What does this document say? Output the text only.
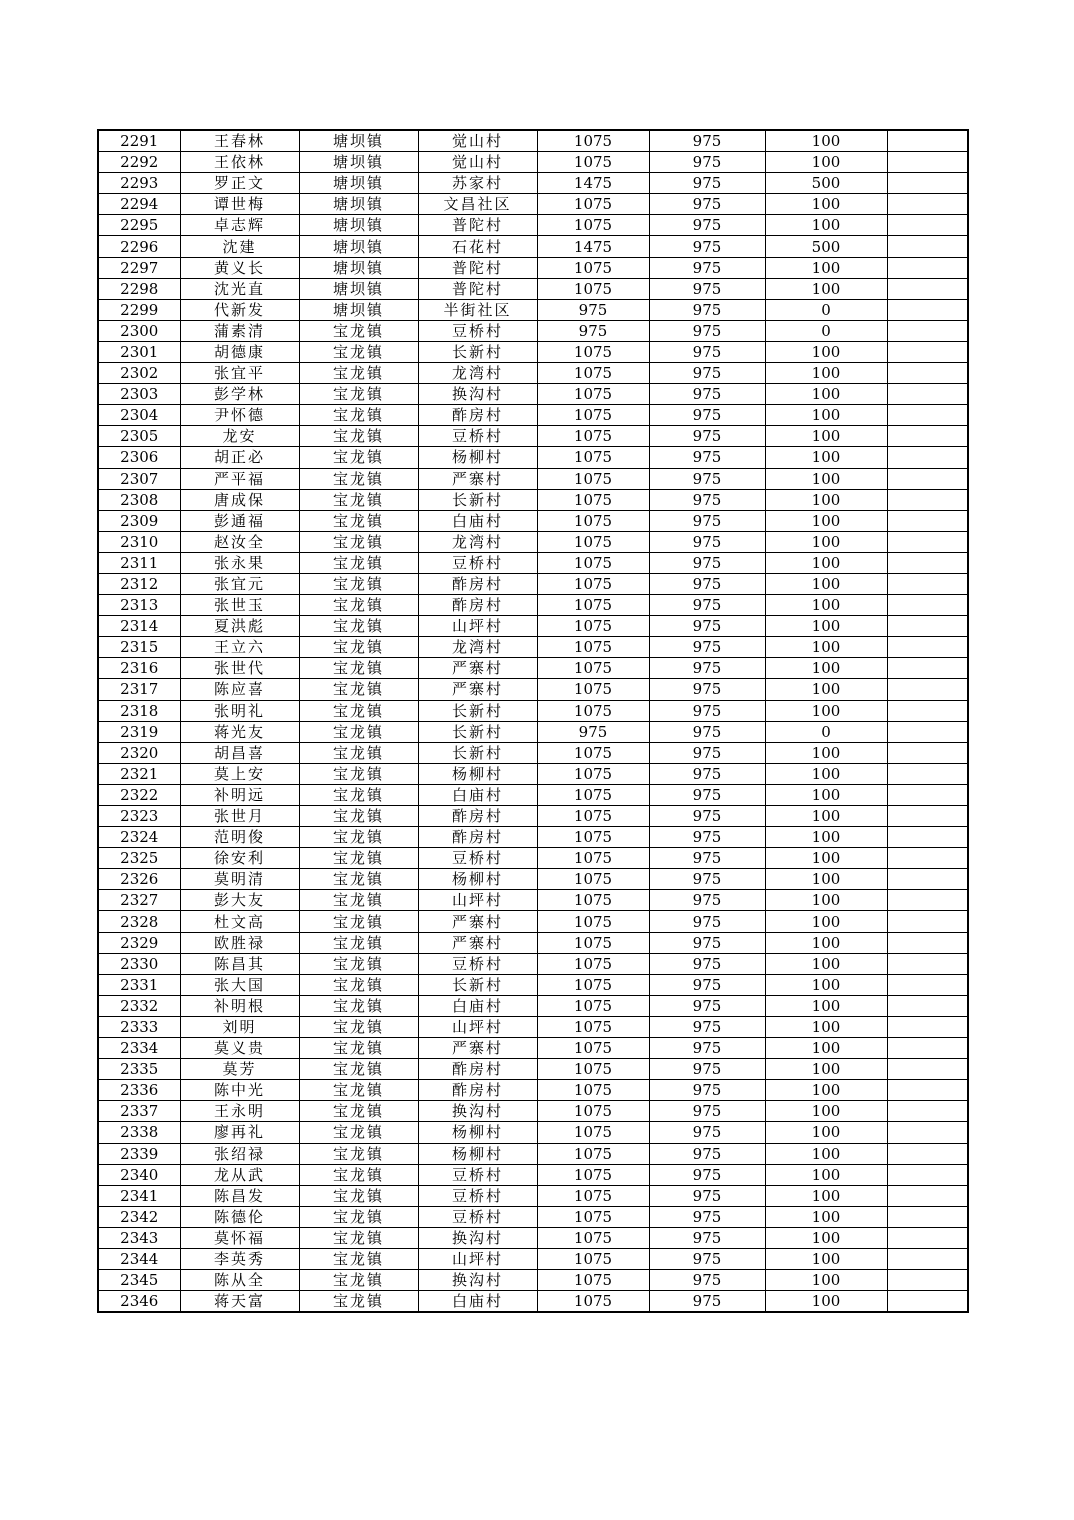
2291	王春林	塘坝镇	觉山村	1075	975	100	
2292	王依林	塘坝镇	觉山村	1075	975	100	
2293	罗正文	塘坝镇	苏家村	1475	975	500	
2294	谭世梅	塘坝镇	文昌社区	1075	975	100	
2295	卓志辉	塘坝镇	普陀村	1075	975	100	
2296	沈建	塘坝镇	石花村	1475	975	500	
2297	黄义长	塘坝镇	普陀村	1075	975	100	
2298	沈光直	塘坝镇	普陀村	1075	975	100	
2299	代新发	塘坝镇	半街社区	975	975	0	
2300	蒲素清	宝龙镇	豆桥村	975	975	0	
2301	胡德康	宝龙镇	长新村	1075	975	100	
2302	张宜平	宝龙镇	龙湾村	1075	975	100	
2303	彭学林	宝龙镇	换沟村	1075	975	100	
2304	尹怀德	宝龙镇	酢房村	1075	975	100	
2305	龙安	宝龙镇	豆桥村	1075	975	100	
2306	胡正必	宝龙镇	杨柳村	1075	975	100	
2307	严平福	宝龙镇	严寨村	1075	975	100	
2308	唐成保	宝龙镇	长新村	1075	975	100	
2309	彭通福	宝龙镇	白庙村	1075	975	100	
2310	赵汝全	宝龙镇	龙湾村	1075	975	100	
2311	张永果	宝龙镇	豆桥村	1075	975	100	
2312	张宜元	宝龙镇	酢房村	1075	975	100	
2313	张世玉	宝龙镇	酢房村	1075	975	100	
2314	夏洪彪	宝龙镇	山坪村	1075	975	100	
2315	王立六	宝龙镇	龙湾村	1075	975	100	
2316	张世代	宝龙镇	严寨村	1075	975	100	
2317	陈应喜	宝龙镇	严寨村	1075	975	100	
2318	张明礼	宝龙镇	长新村	1075	975	100	
2319	蒋光友	宝龙镇	长新村	975	975	0	
2320	胡昌喜	宝龙镇	长新村	1075	975	100	
2321	莫上安	宝龙镇	杨柳村	1075	975	100	
2322	补明远	宝龙镇	白庙村	1075	975	100	
2323	张世月	宝龙镇	酢房村	1075	975	100	
2324	范明俊	宝龙镇	酢房村	1075	975	100	
2325	徐安利	宝龙镇	豆桥村	1075	975	100	
2326	莫明清	宝龙镇	杨柳村	1075	975	100	
2327	彭大友	宝龙镇	山坪村	1075	975	100	
2328	杜文高	宝龙镇	严寨村	1075	975	100	
2329	欧胜禄	宝龙镇	严寨村	1075	975	100	
2330	陈昌其	宝龙镇	豆桥村	1075	975	100	
2331	张大国	宝龙镇	长新村	1075	975	100	
2332	补明根	宝龙镇	白庙村	1075	975	100	
2333	刘明	宝龙镇	山坪村	1075	975	100	
2334	莫义贵	宝龙镇	严寨村	1075	975	100	
2335	莫芳	宝龙镇	酢房村	1075	975	100	
2336	陈中光	宝龙镇	酢房村	1075	975	100	
2337	王永明	宝龙镇	换沟村	1075	975	100	
2338	廖再礼	宝龙镇	杨柳村	1075	975	100	
2339	张绍禄	宝龙镇	杨柳村	1075	975	100	
2340	龙从武	宝龙镇	豆桥村	1075	975	100	
2341	陈昌发	宝龙镇	豆桥村	1075	975	100	
2342	陈德伦	宝龙镇	豆桥村	1075	975	100	
2343	莫怀福	宝龙镇	换沟村	1075	975	100	
2344	李英秀	宝龙镇	山坪村	1075	975	100	
2345	陈从全	宝龙镇	换沟村	1075	975	100	
2346	蒋天富	宝龙镇	白庙村	1075	975	100	
